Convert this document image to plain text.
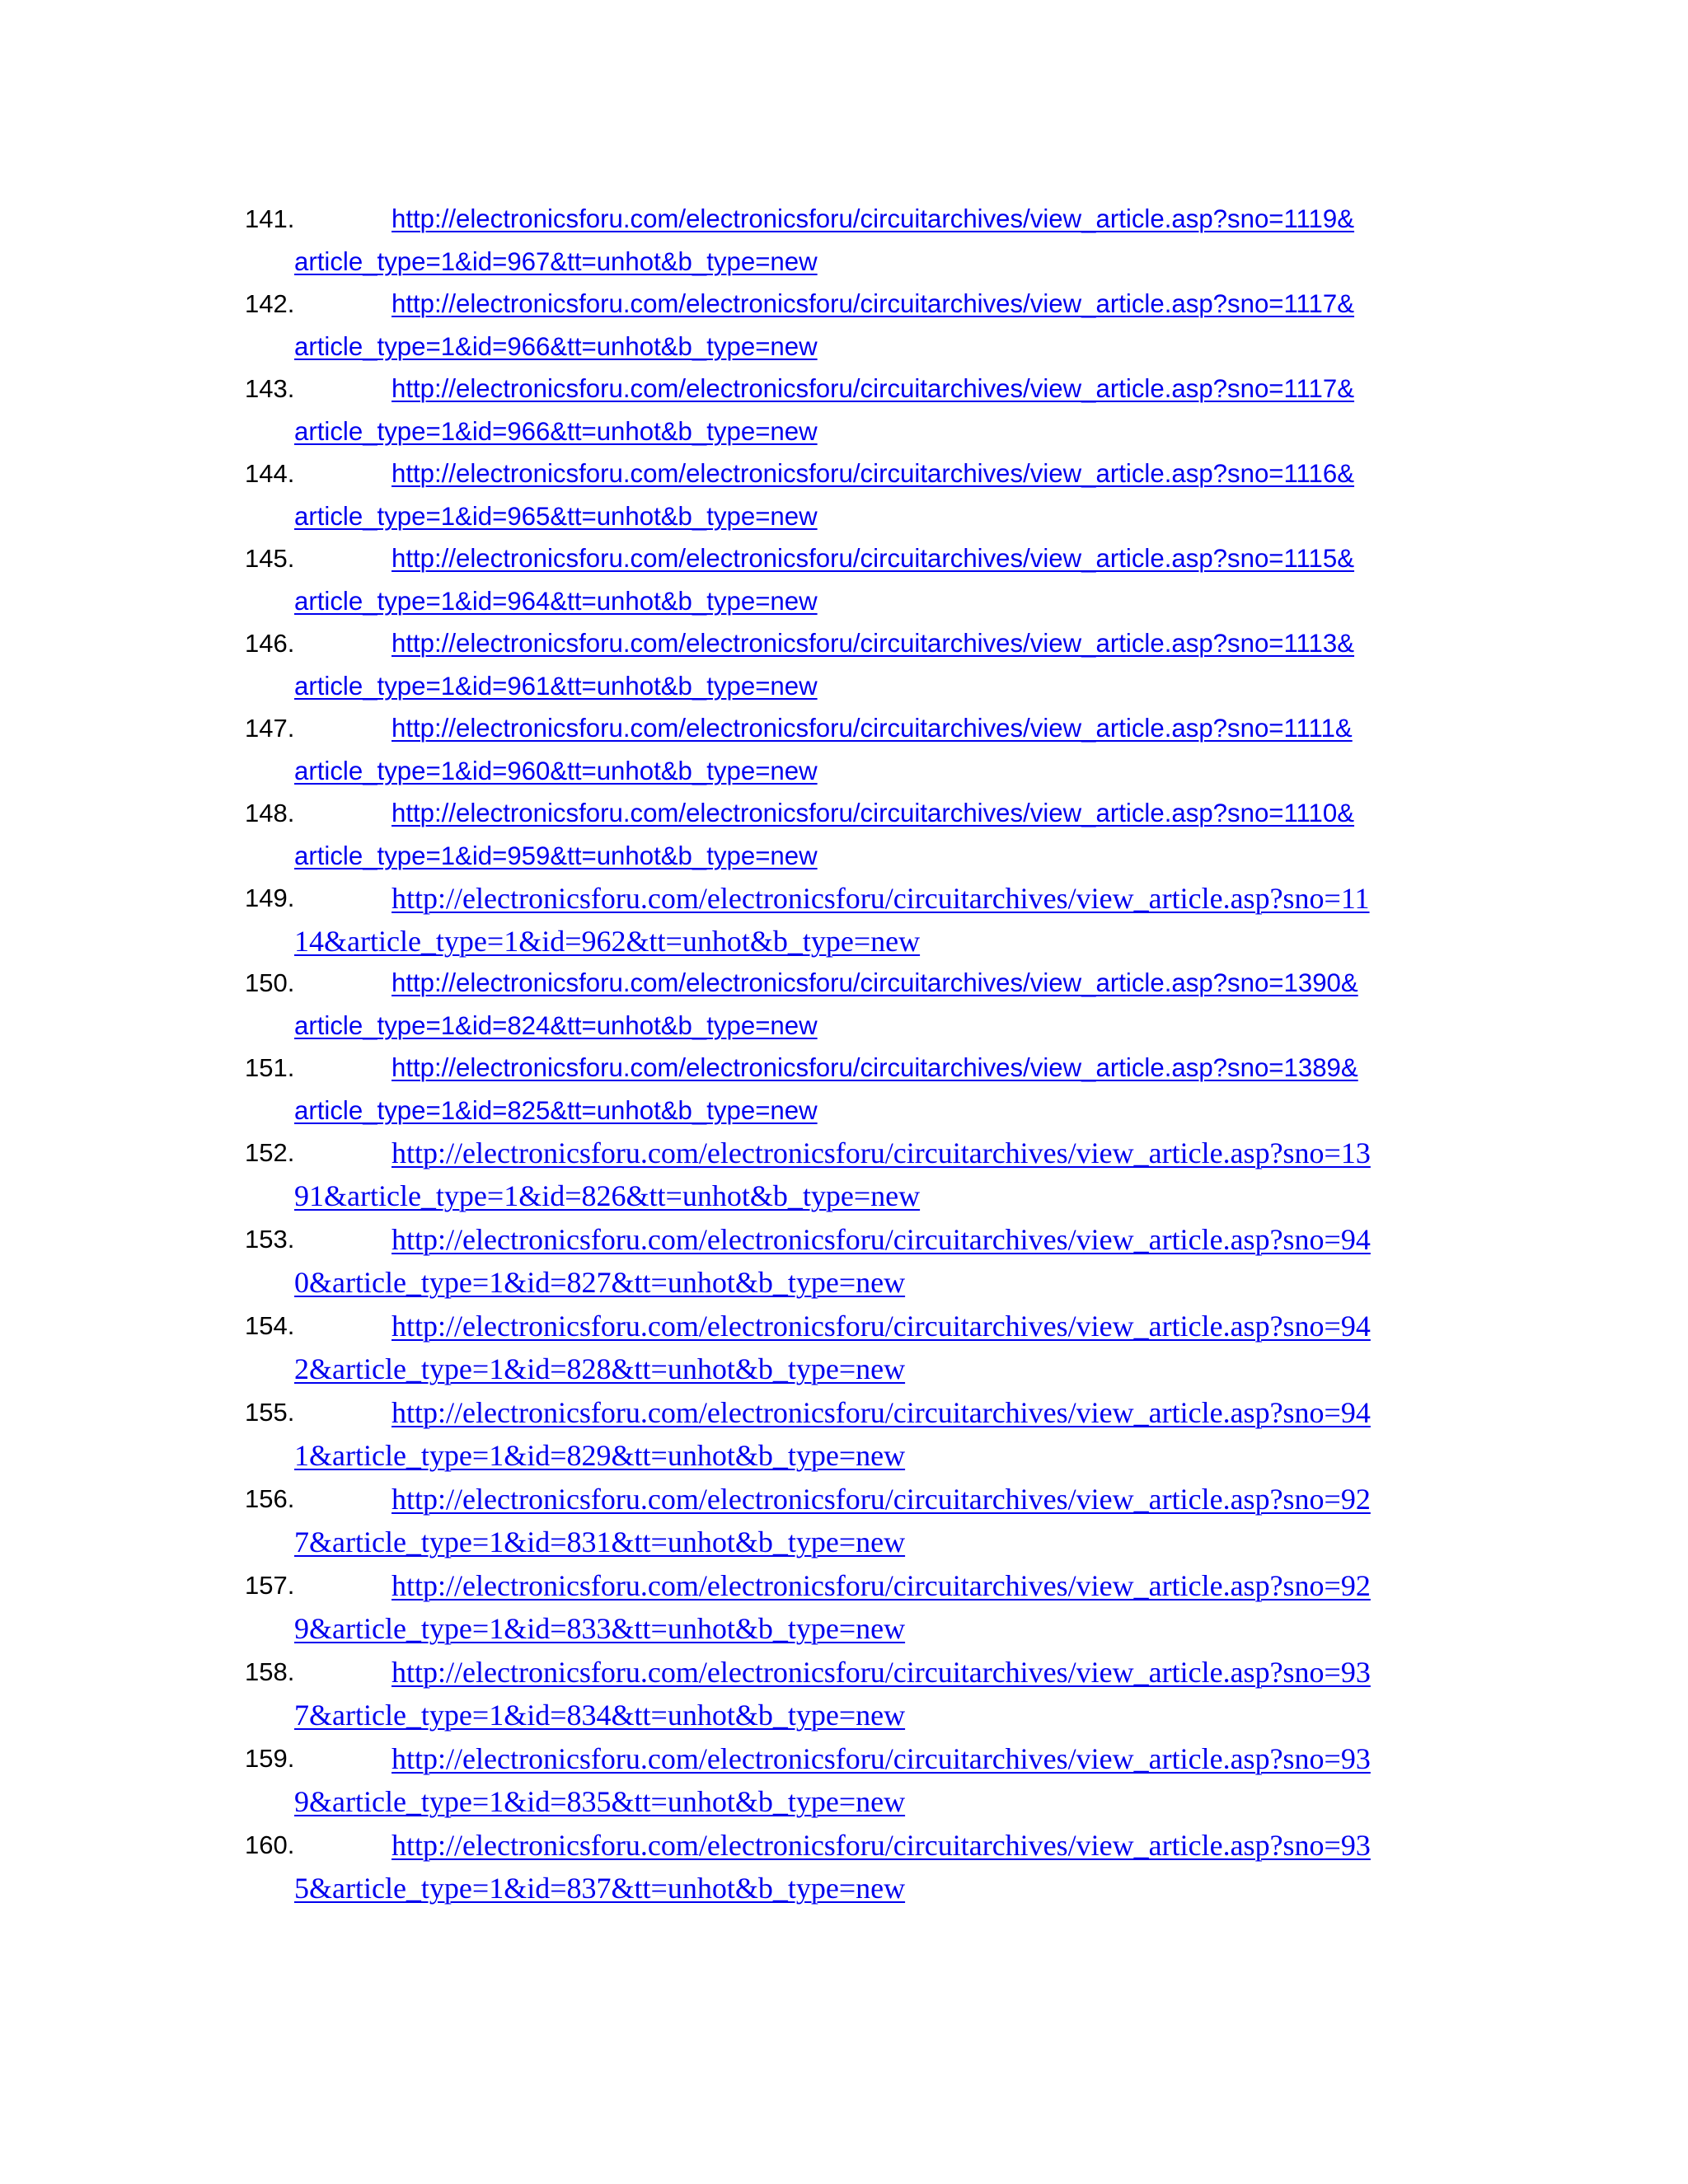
141.	http://electronicsforu.com/electronicsforu/circuitarchives/view_article.asp?sno=1119&
article_type=1&id=967&tt=unhot&b_type=new
142.	http://electronicsforu.com/electronicsforu/circuitarchives/view_article.asp?sno=1117&
article_type=1&id=966&tt=unhot&b_type=new
143.	http://electronicsforu.com/electronicsforu/circuitarchives/view_article.asp?sno=1117&
article_type=1&id=966&tt=unhot&b_type=new
144.	http://electronicsforu.com/electronicsforu/circuitarchives/view_article.asp?sno=1116&
article_type=1&id=965&tt=unhot&b_type=new
145.	http://electronicsforu.com/electronicsforu/circuitarchives/view_article.asp?sno=1115&
article_type=1&id=964&tt=unhot&b_type=new
146.	http://electronicsforu.com/electronicsforu/circuitarchives/view_article.asp?sno=1113&
article_type=1&id=961&tt=unhot&b_type=new
147.	http://electronicsforu.com/electronicsforu/circuitarchives/view_article.asp?sno=1111&
article_type=1&id=960&tt=unhot&b_type=new
148.	http://electronicsforu.com/electronicsforu/circuitarchives/view_article.asp?sno=1110&
article_type=1&id=959&tt=unhot&b_type=new
149.	http://electronicsforu.com/electronicsforu/circuitarchives/view_article.asp?sno=11
14&article_type=1&id=962&tt=unhot&b_type=new
150.	http://electronicsforu.com/electronicsforu/circuitarchives/view_article.asp?sno=1390&
article_type=1&id=824&tt=unhot&b_type=new
151.	http://electronicsforu.com/electronicsforu/circuitarchives/view_article.asp?sno=1389&
article_type=1&id=825&tt=unhot&b_type=new
152.	http://electronicsforu.com/electronicsforu/circuitarchives/view_article.asp?sno=13
91&article_type=1&id=826&tt=unhot&b_type=new
153.	http://electronicsforu.com/electronicsforu/circuitarchives/view_article.asp?sno=94
0&article_type=1&id=827&tt=unhot&b_type=new
154.	http://electronicsforu.com/electronicsforu/circuitarchives/view_article.asp?sno=94
2&article_type=1&id=828&tt=unhot&b_type=new
155.	http://electronicsforu.com/electronicsforu/circuitarchives/view_article.asp?sno=94
1&article_type=1&id=829&tt=unhot&b_type=new
156.	http://electronicsforu.com/electronicsforu/circuitarchives/view_article.asp?sno=92
7&article_type=1&id=831&tt=unhot&b_type=new
157.	http://electronicsforu.com/electronicsforu/circuitarchives/view_article.asp?sno=92
9&article_type=1&id=833&tt=unhot&b_type=new
158.	http://electronicsforu.com/electronicsforu/circuitarchives/view_article.asp?sno=93
7&article_type=1&id=834&tt=unhot&b_type=new
159.	http://electronicsforu.com/electronicsforu/circuitarchives/view_article.asp?sno=93
9&article_type=1&id=835&tt=unhot&b_type=new
160.	http://electronicsforu.com/electronicsforu/circuitarchives/view_article.asp?sno=93
5&article_type=1&id=837&tt=unhot&b_type=new
